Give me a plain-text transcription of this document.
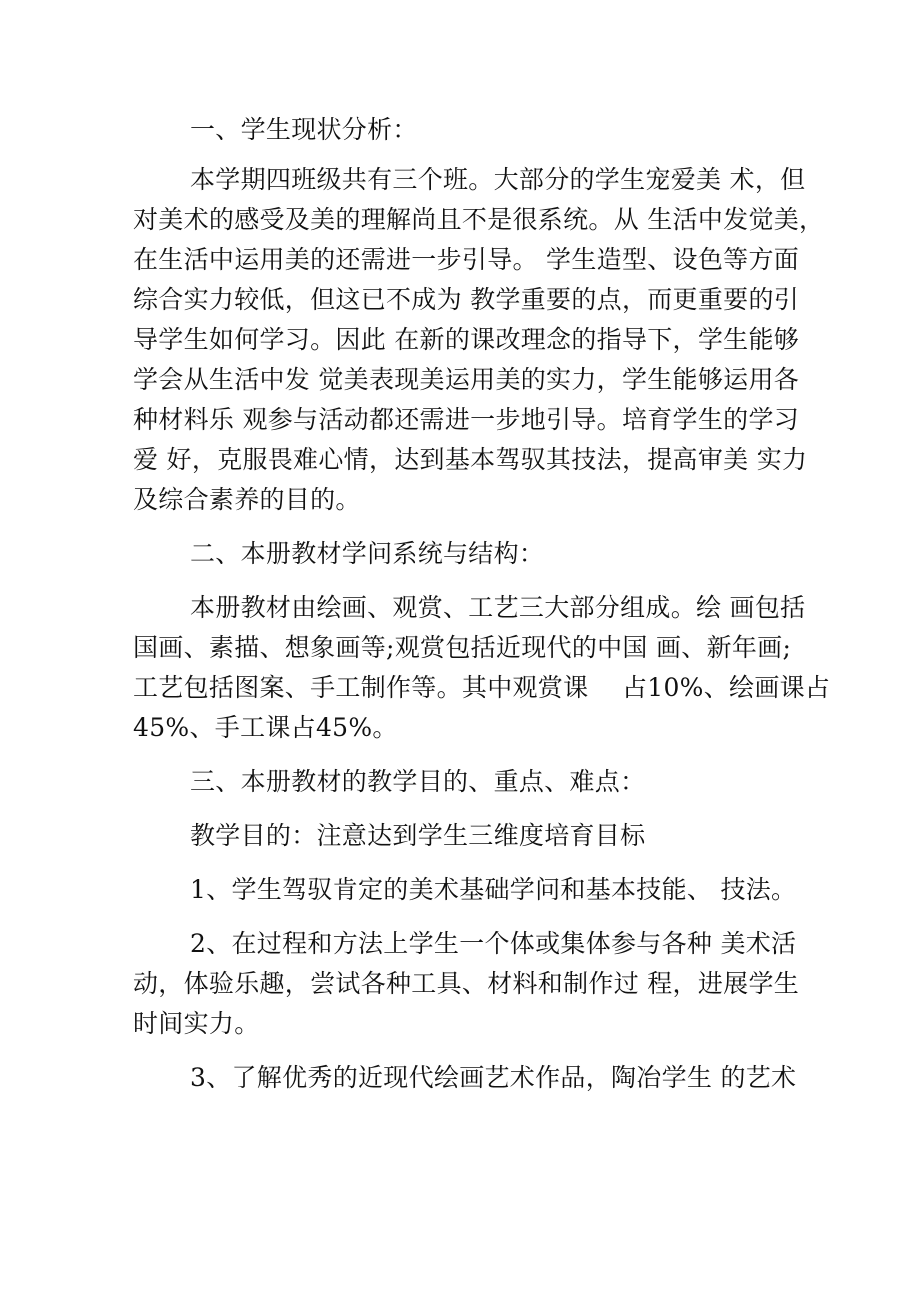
一、学生现状分析：

本学期四班级共有三个班。大部分的学生宠爱美 术，但
对美术的感受及美的理解尚且不是很系统。从 生活中发觉美，
在生活中运用美的还需进一步引导。 学生造型、设色等方面
综合实力较低，但这已不成为 教学重要的点，而更重要的引
导学生如何学习。因此 在新的课改理念的指导下，学生能够
学会从生活中发 觉美表现美运用美的实力，学生能够运用各
种材料乐 观参与活动都还需进一步地引导。培育学生的学习
爱 好，克服畏难心情，达到基本驾驭其技法，提高审美 实力
及综合素养的目的。

二、本册教材学问系统与结构：

本册教材由绘画、观赏、工艺三大部分组成。绘 画包括
国画、素描、想象画等;观赏包括近现代的中国 画、新年画;
工艺包括图案、手工制作等。其中观赏课　 占10%、绘画课占
45%、手工课占45%。

三、本册教材的教学目的、重点、难点：

教学目的：注意达到学生三维度培育目标

1、学生驾驭肯定的美术基础学问和基本技能、 技法。

2、在过程和方法上学生一个体或集体参与各种 美术活
动，体验乐趣，尝试各种工具、材料和制作过 程，进展学生
时间实力。

3、了解优秀的近现代绘画艺术作品，陶冶学生 的艺术
